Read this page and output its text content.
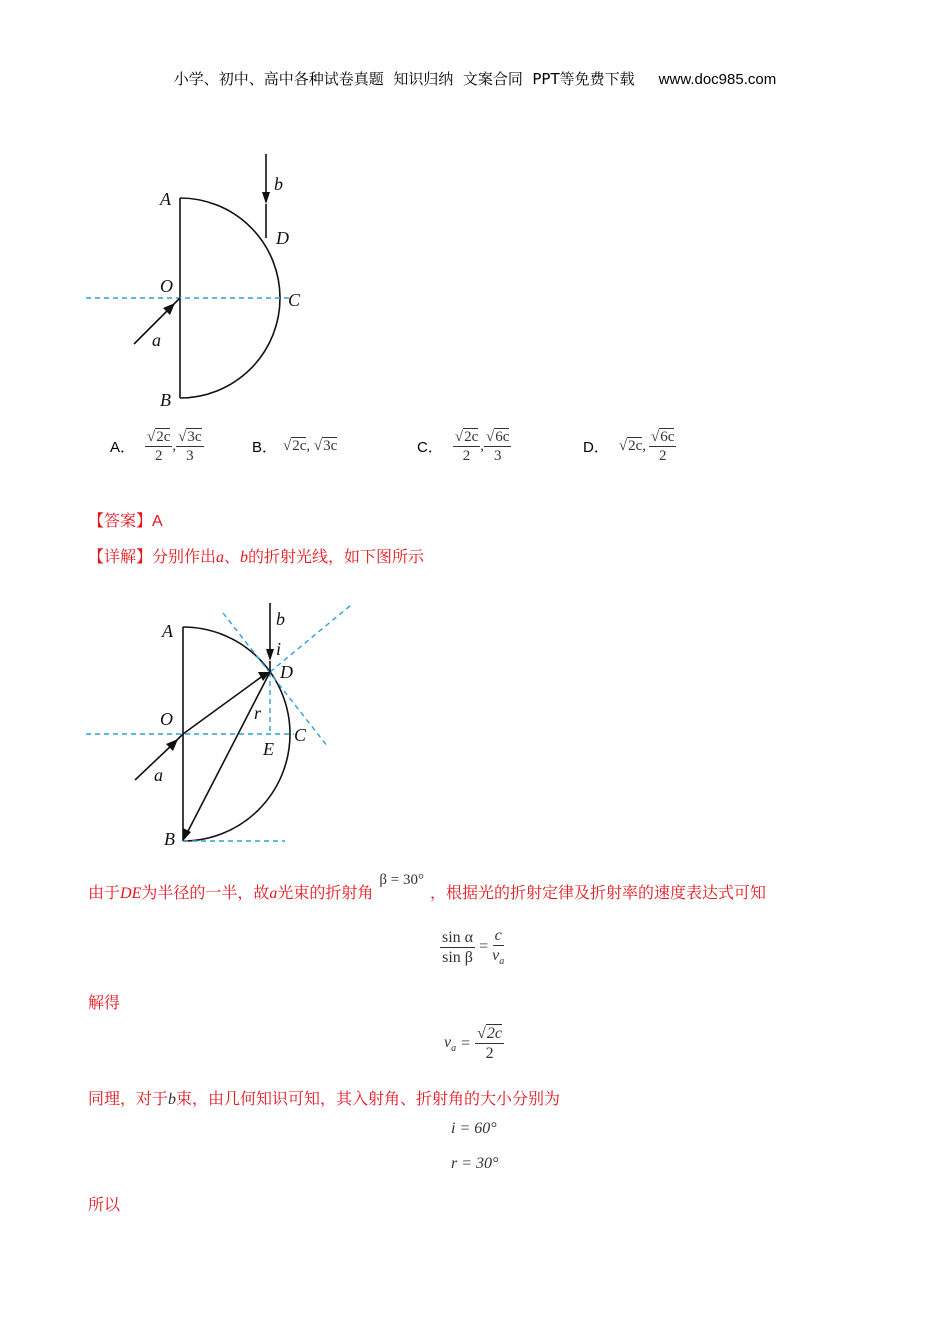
小学、初中、高中各种试卷真题  知识归纳  文案合同  PPT等免费下载 www.doc985.com
A
B
O
C
D
b
a
A． $\frac{√2c}{2}$ , $\frac{√3c}{3}$	B． √2c, √3c	C． $\frac{√2c}{2}$ , $\frac{√6c}{3}$	D． √ 2c , $\frac{√6c}{2}$
【答案】A
【详解】分别作出a、b的折射光线，如下图所示
A
B
O
C
D
E
b
a
i
r
由于DE为半径的一半，故a光束的折射角β = 30°，根据光的折射定律及折射率的速度表达式可知
$\frac{\text{sin α}}{\text{sin β}} = \frac{c}{v_a}$
解得
$v_a = \frac{√2c}{2}$
同理，对于b束，由几何知识可知，其入射角、折射角的大小分别为
i = 60°
r = 30°
所以
